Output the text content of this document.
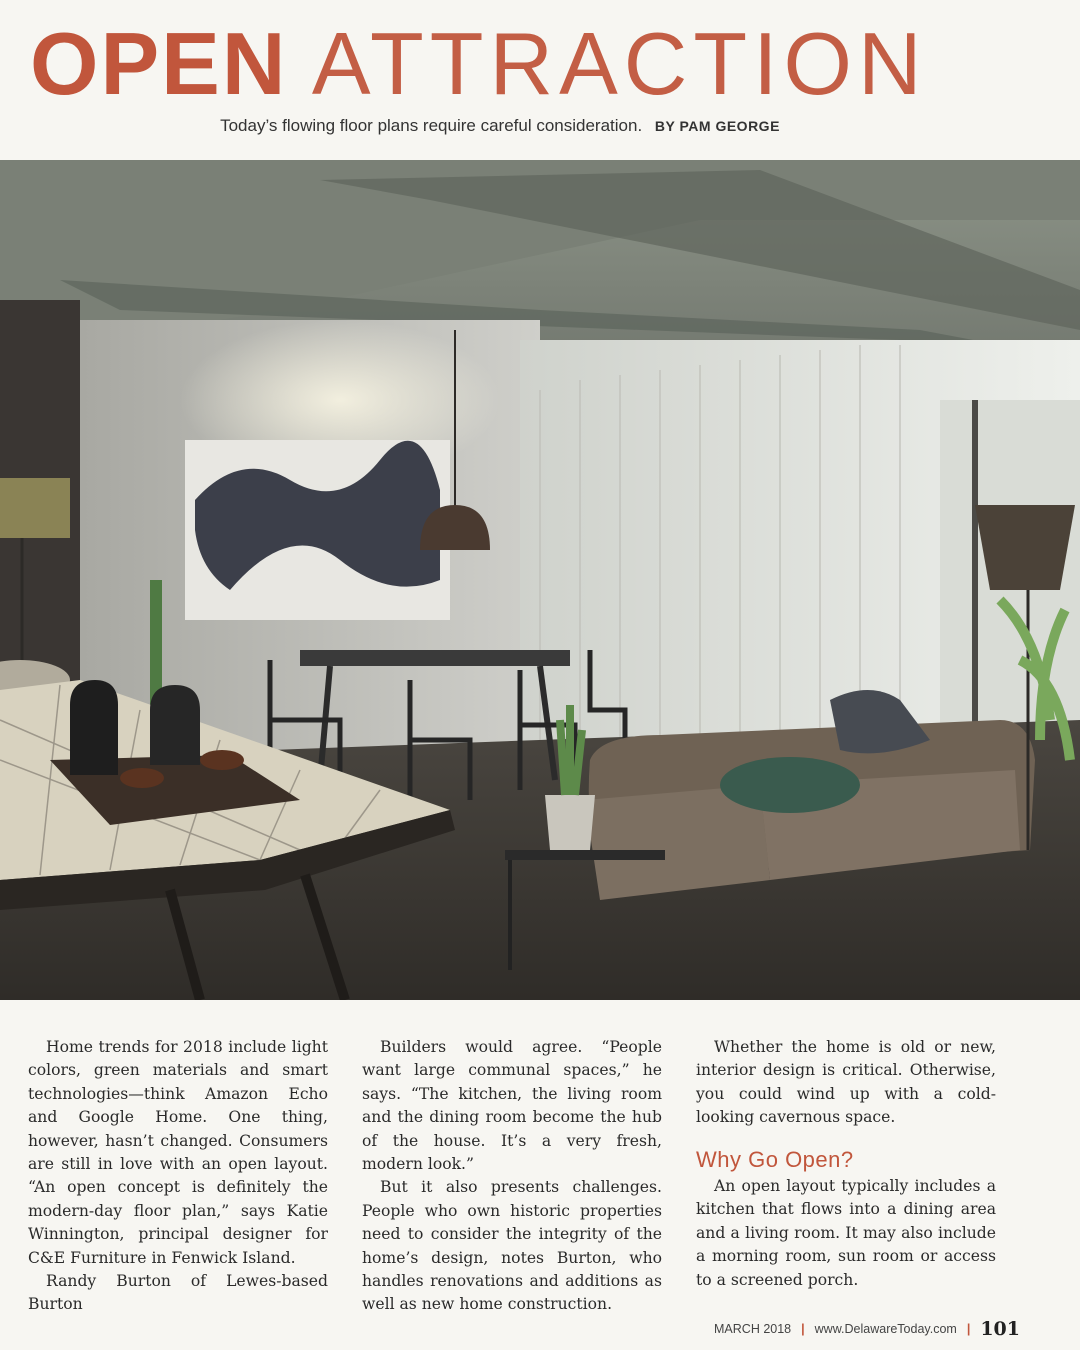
OPEN ATTRACTION
Today’s flowing floor plans require careful consideration. BY PAM GEORGE

Home trends for 2018 include light colors, green materials and smart technologies—think Amazon Echo and Google Home. One thing, however, hasn’t changed. Consumers are still in love with an open layout. “An open concept is definitely the modern-day floor plan,” says Katie Winnington, principal designer for C&E Furniture in Fenwick Island.

Randy Burton of Lewes-based Burton

Builders would agree. “People want large communal spaces,” he says. “The kitchen, the living room and the dining room become the hub of the house. It’s a very fresh, modern look.”

But it also presents challenges. People who own historic properties need to consider the integrity of the home’s design, notes Burton, who handles renovations and additions as well as new home construction.

Whether the home is old or new, interior design is critical. Otherwise, you could wind up with a cold-looking cavernous space.

Why Go Open?

An open layout typically includes a kitchen that flows into a dining area and a living room. It may also include a morning room, sun room or access to a screened porch.

MARCH 2018 | www.DelawareToday.com | 101
